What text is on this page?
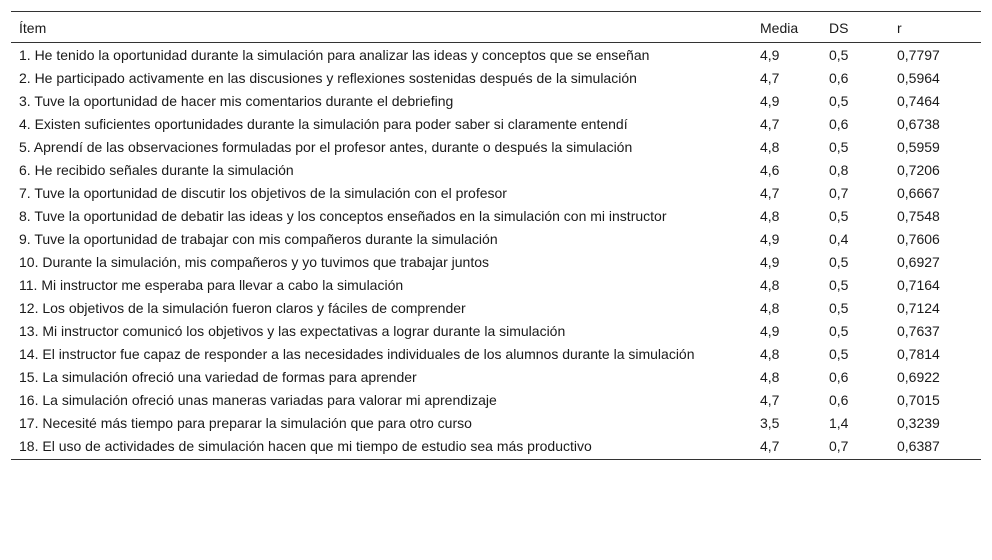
Ítem	Media	DS	r
1. He tenido la oportunidad durante la simulación para analizar las ideas y conceptos que se enseñan	4,9	0,5	0,7797
2. He participado activamente en las discusiones y reflexiones sostenidas después de la simulación	4,7	0,6	0,5964
3. Tuve la oportunidad de hacer mis comentarios durante el debriefing	4,9	0,5	0,7464
4. Existen suficientes oportunidades durante la simulación para poder saber si claramente entendí	4,7	0,6	0,6738
5. Aprendí de las observaciones formuladas por el profesor antes, durante o después la simulación	4,8	0,5	0,5959
6. He recibido señales durante la simulación	4,6	0,8	0,7206
7. Tuve la oportunidad de discutir los objetivos de la simulación con el profesor	4,7	0,7	0,6667
8. Tuve la oportunidad de debatir las ideas y los conceptos enseñados en la simulación con mi instructor	4,8	0,5	0,7548
9. Tuve la oportunidad de trabajar con mis compañeros durante la simulación	4,9	0,4	0,7606
10. Durante la simulación, mis compañeros y yo tuvimos que trabajar juntos	4,9	0,5	0,6927
11. Mi instructor me esperaba para llevar a cabo la simulación	4,8	0,5	0,7164
12. Los objetivos de la simulación fueron claros y fáciles de comprender	4,8	0,5	0,7124
13. Mi instructor comunicó los objetivos y las expectativas a lograr durante la simulación	4,9	0,5	0,7637
14. El instructor fue capaz de responder a las necesidades individuales de los alumnos durante la simulación	4,8	0,5	0,7814
15. La simulación ofreció una variedad de formas para aprender	4,8	0,6	0,6922
16. La simulación ofreció unas maneras variadas para valorar mi aprendizaje	4,7	0,6	0,7015
17. Necesité más tiempo para preparar la simulación que para otro curso	3,5	1,4	0,3239
18. El uso de actividades de simulación hacen que mi tiempo de estudio sea más productivo	4,7	0,7	0,6387
